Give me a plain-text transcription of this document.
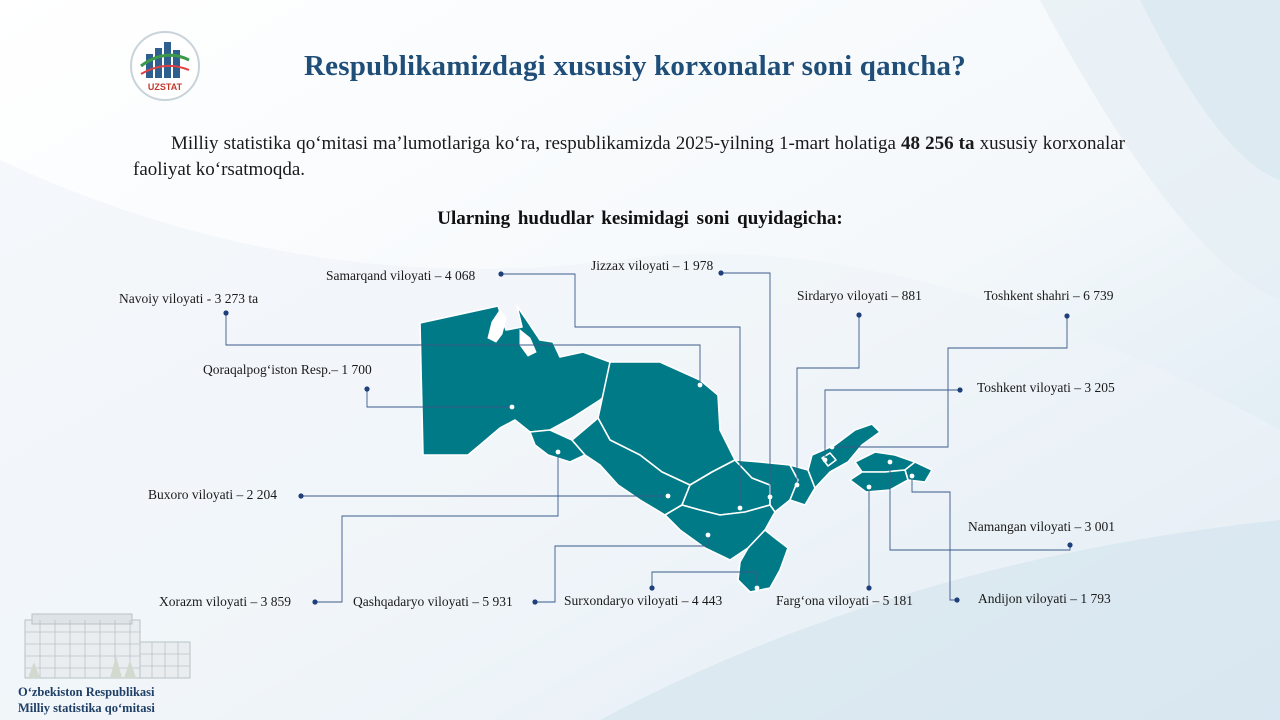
UZSTAT
Respublikamizdagi xususiy korxonalar soni qancha?
Milliy statistika qo‘mitasi ma’lumotlariga ko‘ra, respublikamizda 2025-yilning 1-mart holatiga 48 256 ta xususiy korxonalar faoliyat ko‘rsatmoqda.
Ularning hududlar kesimidagi soni quyidagicha:
Samarqand viloyati – 4 068
Jizzax viloyati – 1 978
Navoiy viloyati - 3 273 ta	Sirdaryo viloyati – 881	Toshkent shahri – 6 739
Qoraqalpog‘iston Resp.– 1 700
Toshkent viloyati – 3 205
Buxoro viloyati – 2 204
Namangan viloyati – 3 001
Xorazm viloyati – 3 859	Qashqadaryo viloyati – 5 931	Surxondaryo viloyati – 4 443	Farg‘ona viloyati – 5 181	Andijon viloyati – 1 793
O‘zbekiston Respublikasi
Milliy statistika qo‘mitasi
